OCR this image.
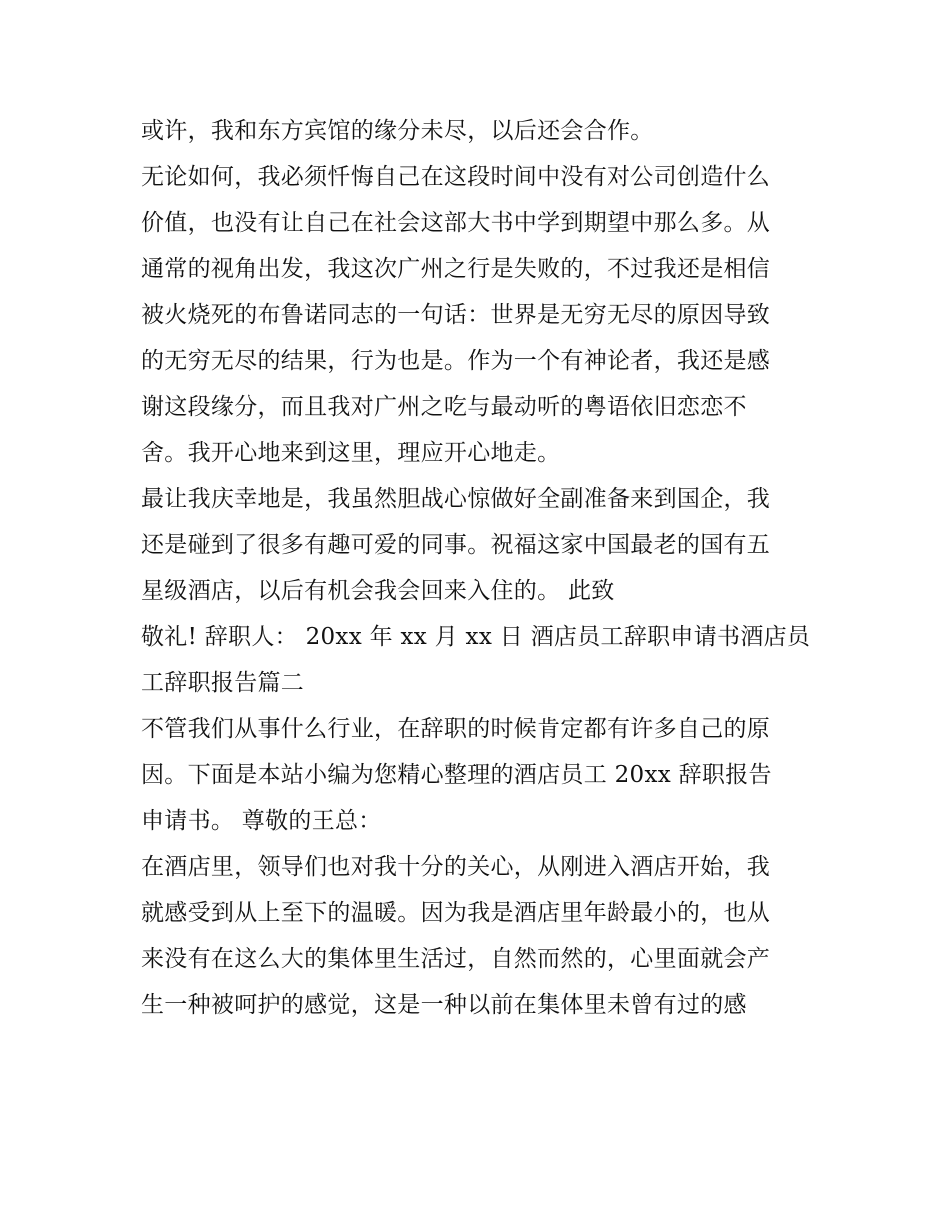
或许，我和东方宾馆的缘分未尽，以后还会合作。
无论如何，我必须忏悔自己在这段时间中没有对公司创造什么
价值，也没有让自己在社会这部大书中学到期望中那么多。从
通常的视角出发，我这次广州之行是失败的，不过我还是相信
被火烧死的布鲁诺同志的一句话：世界是无穷无尽的原因导致
的无穷无尽的结果，行为也是。作为一个有神论者，我还是感
谢这段缘分，而且我对广州之吃与最动听的粤语依旧恋恋不
舍。我开心地来到这里，理应开心地走。
最让我庆幸地是，我虽然胆战心惊做好全副准备来到国企，我
还是碰到了很多有趣可爱的同事。祝福这家中国最老的国有五
星级酒店，以后有机会我会回来入住的。 此致
敬礼! 辞职人： 20xx 年 xx 月 xx 日 酒店员工辞职申请书酒店员
工辞职报告篇二
不管我们从事什么行业，在辞职的时候肯定都有许多自己的原
因。下面是本站小编为您精心整理的酒店员工 20xx 辞职报告
申请书。 尊敬的王总：
在酒店里，领导们也对我十分的关心，从刚进入酒店开始，我
就感受到从上至下的温暖。因为我是酒店里年龄最小的，也从
来没有在这么大的集体里生活过，自然而然的，心里面就会产
生一种被呵护的感觉，这是一种以前在集体里未曾有过的感
